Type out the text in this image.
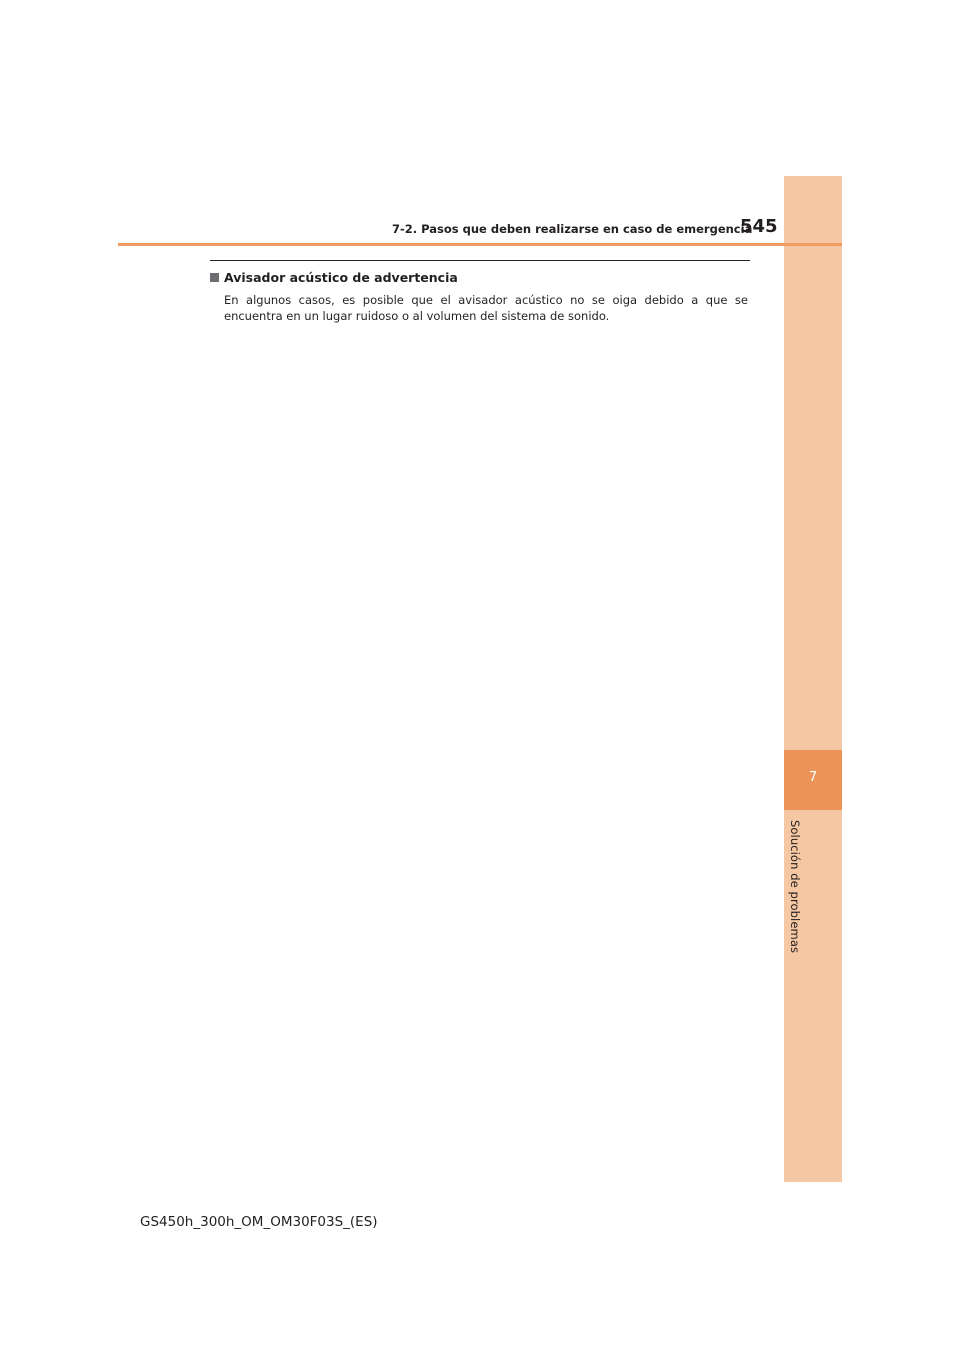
7
Solución de problemas
7-2. Pasos que deben realizarse en caso de emergencia
545
Avisador acústico de advertencia
En algunos casos, es posible que el avisador acústico no se oiga debido a que se encuentra en un lugar ruidoso o al volumen del sistema de sonido.
GS450h_300h_OM_OM30F03S_(ES)
